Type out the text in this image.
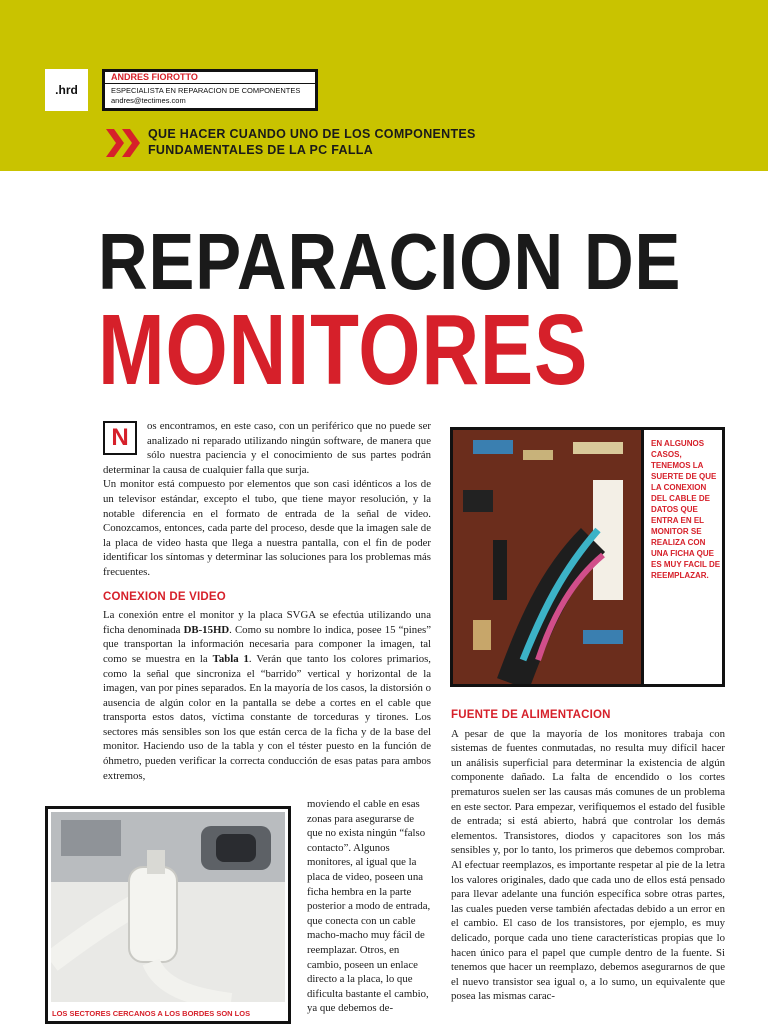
.hrd
ANDRES FIOROTTO
ESPECIALISTA EN REPARACION DE COMPONENTES
andres@tectimes.com
QUE HACER CUANDO UNO DE LOS COMPONENTES
FUNDAMENTALES DE LA PC FALLA
REPARACION DE
MONITORES
N	os encontramos, en este caso, con un periférico que no puede ser analizado ni reparado utilizando ningún software, de manera que sólo nuestra paciencia y el conocimiento de sus partes podrán determinar la causa de cualquier falla que surja.

Un monitor está compuesto por elementos que son casi idénticos a los de un televisor estándar, excepto el tubo, que tiene mayor resolución, y la notable diferencia en el formato de entrada de la señal de video. Conozcamos, entonces, cada parte del proceso, desde que la imagen sale de la placa de video hasta que llega a nuestra pantalla, con el fin de poder identificar los síntomas y determinar las soluciones para los problemas más frecuentes.

CONEXION DE VIDEO

La conexión entre el monitor y la placa SVGA se efectúa utilizando una ficha denominada DB-15HD. Como su nombre lo indica, posee 15 “pines” que transportan la información necesaria para componer la imagen, tal como se muestra en la Tabla 1. Verán que tanto los colores primarios, como la señal que sincroniza el “barrido” vertical y horizontal de la imagen, van por pines separados. En la mayoría de los casos, la distorsión o ausencia de algún color en la pantalla se debe a cortes en el cable que transporta estos datos, víctima constante de torceduras y tirones. Los sectores más sensibles son los que están cerca de la ficha y de la base del monitor. Haciendo uso de la tabla y con el téster puesto en la función de óhmetro, pueden verificar la correcta conducción de esas patas para ambos extremos,

moviendo el cable en esas zonas para asegurarse de que no exista ningún “falso contacto”. Algunos monitores, al igual que la placa de video, poseen una ficha hembra en la parte posterior a modo de entrada, que conecta con un cable macho-macho muy fácil de reemplazar. Otros, en cambio, poseen un enlace directo a la placa, lo que dificulta bastante el cambio, ya que debemos de-

LOS SECTORES CERCANOS A LOS BORDES SON LOS
EN ALGUNOS CASOS, TENEMOS LA SUERTE DE QUE LA CONEXION DEL CABLE DE DATOS QUE ENTRA EN EL MONITOR SE REALIZA CON UNA FICHA QUE ES MUY FACIL DE REEMPLAZAR.
FUENTE DE ALIMENTACION

A pesar de que la mayoría de los monitores trabaja con sistemas de fuentes conmutadas, no resulta muy difícil hacer un análisis superficial para determinar la existencia de algún componente dañado. La falta de encendido o los cortes prematuros suelen ser las causas más comunes de un problema en este sector. Para empezar, verifiquemos el estado del fusible de entrada; si está abierto, habrá que controlar los demás elementos. Transistores, diodos y capacitores son los más sensibles y, por lo tanto, los primeros que debemos comprobar. Al efectuar reemplazos, es importante respetar al pie de la letra los valores originales, dado que cada uno de ellos está pensado para llevar adelante una función específica sobre otras partes, las cuales pueden verse también afectadas debido a un error en el cambio. El caso de los transistores, por ejemplo, es muy delicado, porque cada uno tiene características propias que lo hacen único para el papel que cumple dentro de la fuente. Si tenemos que hacer un reemplazo, debemos asegurarnos de que el nuevo transistor sea igual o, a lo sumo, un equivalente que posea las mismas carac-
